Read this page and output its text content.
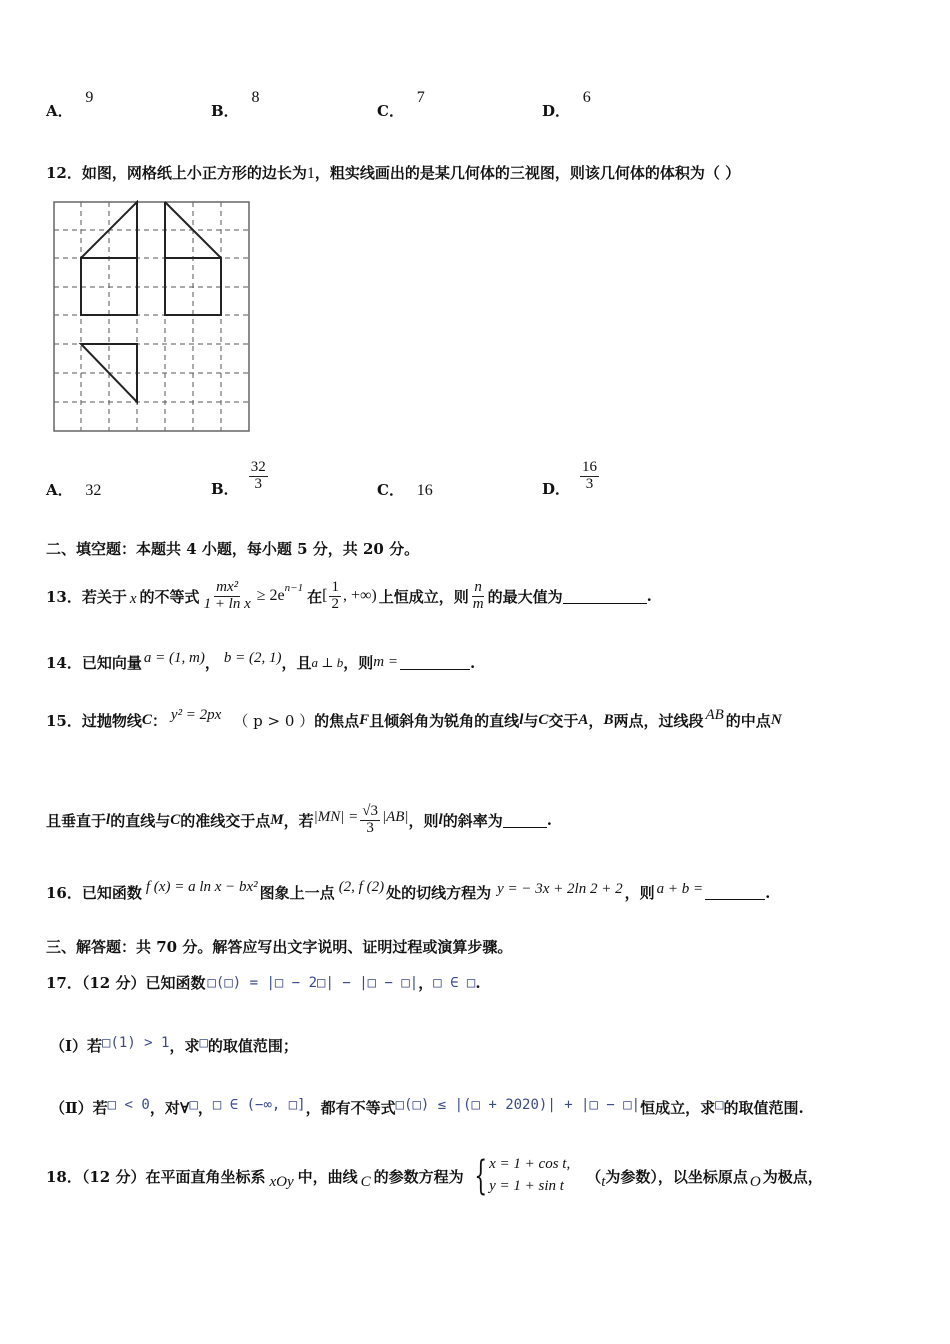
A． 9
B． 8
C． 7
D． 6
12．如图，网格纸上小正方形的边长为1，粗实线画出的是某几何体的三视图，则该几何体的体积为（ ）
A． 32	B． $\frac{32}{3}$	C． 16	D． $\frac{16}{3}$
二、填空题：本题共 4 小题，每小题 5 分，共 20 分。
13．若关于 x 的不等式 $\frac{\text{mx²}}{\text{1 + ln x}} \ge 2e^{n-1}$ 在 [ $\frac{1}{2}$ , +∞) 上恒成立，则 $\frac{n}{m}$ 的最大值为	.
14．已知向量 a = (1, m) ， b = (2, 1) ，且 a ⊥ b ，则 m =	.
15．过抛物线 C ： y² = 2px （ p > 0 ） 的焦点 F 且倾斜角为锐角的直线 l 与 C 交于 A ， B 两点，过线段 AB 的中点 N
且垂直于 l 的直线与 C 的准线交于点 M ，若 $|MN| = \frac{√3}{3} |AB|$ ，则 l 的斜率为	.
16．已知函数 f (x) = a ln x − bx² 图象上一点 (2, f (2) 处的切线方程为 y = − 3x + 2ln 2 + 2 ，则 a + b =	.
三、解答题：共 70 分。解答应写出文字说明、证明过程或演算步骤。
17．（12 分）已知函数 □(□) = |□ − 2□| − |□ − □| ， □ ∈ □ .
（Ⅰ）若 □(1) > 1 ，求 □ 的取值范围；
（Ⅱ）若 □ < 0 ，对∀ □ ， □ ∈ (−∞, □] ，都有不等式 □(□) ≤ |(□ + 2020)| + |□ − □| 恒成立，求 □ 的取值范围.
18．（12 分）在平面直角坐标系 xOy 中，曲线 C 的参数方程为 { x = 1 + cos t,
y = 1 + sin t
（ t 为参数），以坐标原点 O 为极点，
